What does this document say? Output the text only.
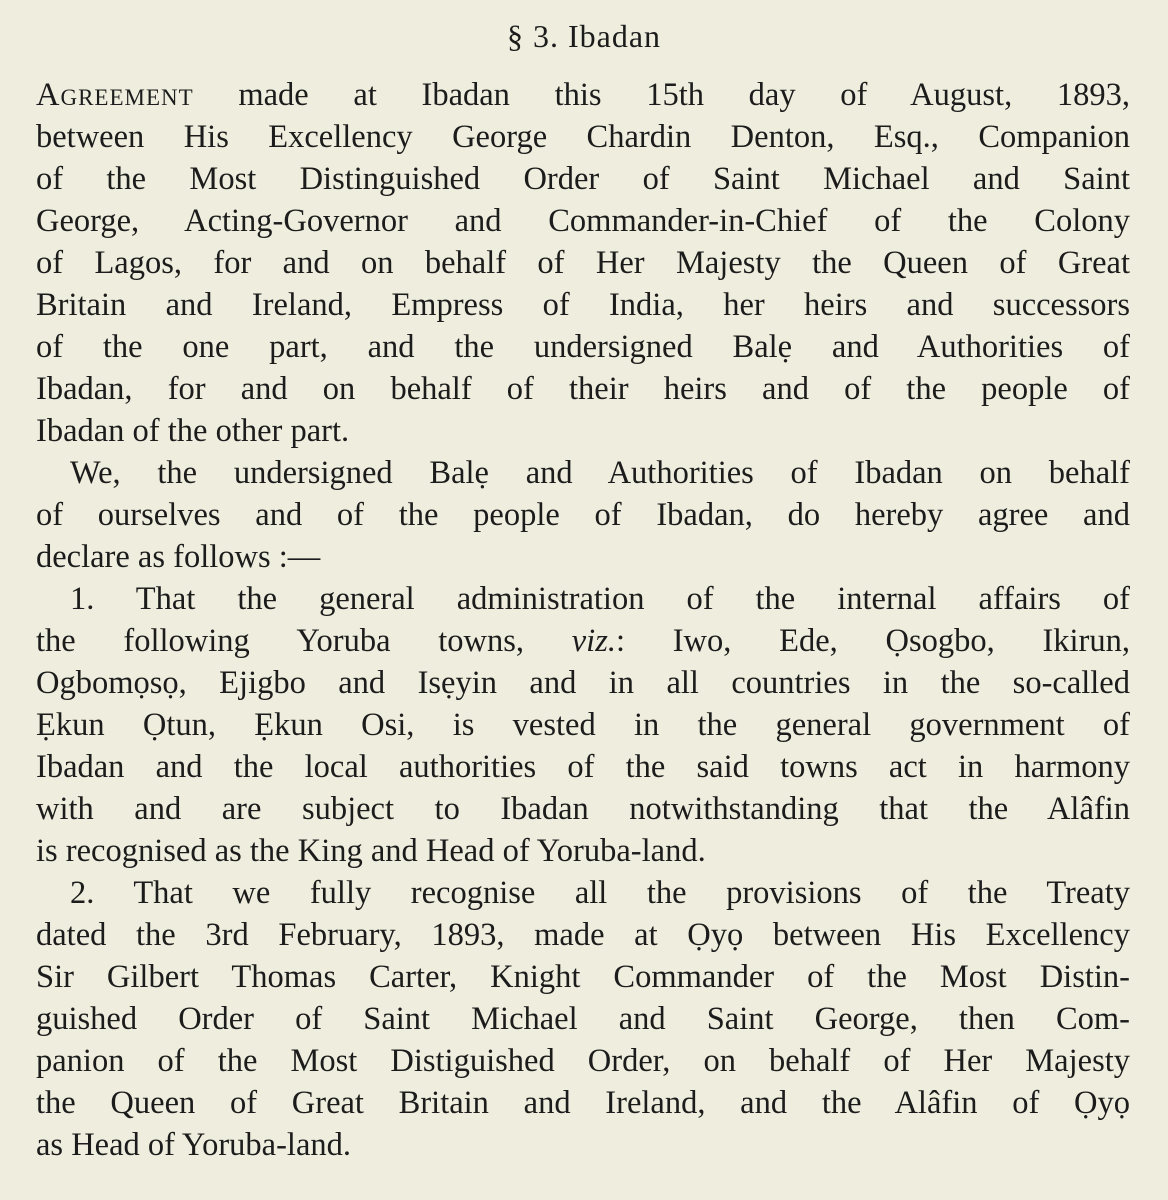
§ 3. Ibadan
Agreement made at Ibadan this 15th day of August, 1893,
between His Excellency George Chardin Denton, Esq., Companion
of the Most Distinguished Order of Saint Michael and Saint
George, Acting-Governor and Commander-in-Chief of the Colony
of Lagos, for and on behalf of Her Majesty the Queen of Great
Britain and Ireland, Empress of India, her heirs and successors
of the one part, and the undersigned Balẹ and Authorities of
Ibadan, for and on behalf of their heirs and of the people of
Ibadan of the other part.
We, the undersigned Balẹ and Authorities of Ibadan on behalf
of ourselves and of the people of Ibadan, do hereby agree and
declare as follows :—
1. That the general administration of the internal affairs of
the following Yoruba towns, viz.: Iwo, Ede, Ọsogbo, Ikirun,
Ogbomọsọ, Ejigbo and Isẹyin and in all countries in the so-called
Ẹkun Ọtun, Ẹkun Osi, is vested in the general government of
Ibadan and the local authorities of the said towns act in harmony
with and are subject to Ibadan notwithstanding that the Alâfin
is recognised as the King and Head of Yoruba-land.
2. That we fully recognise all the provisions of the Treaty
dated the 3rd February, 1893, made at Ọyọ between His Excellency
Sir Gilbert Thomas Carter, Knight Commander of the Most Distin-
guished Order of Saint Michael and Saint George, then Com-
panion of the Most Distiguished Order, on behalf of Her Majesty
the Queen of Great Britain and Ireland, and the Alâfin of Ọyọ
as Head of Yoruba-land.
